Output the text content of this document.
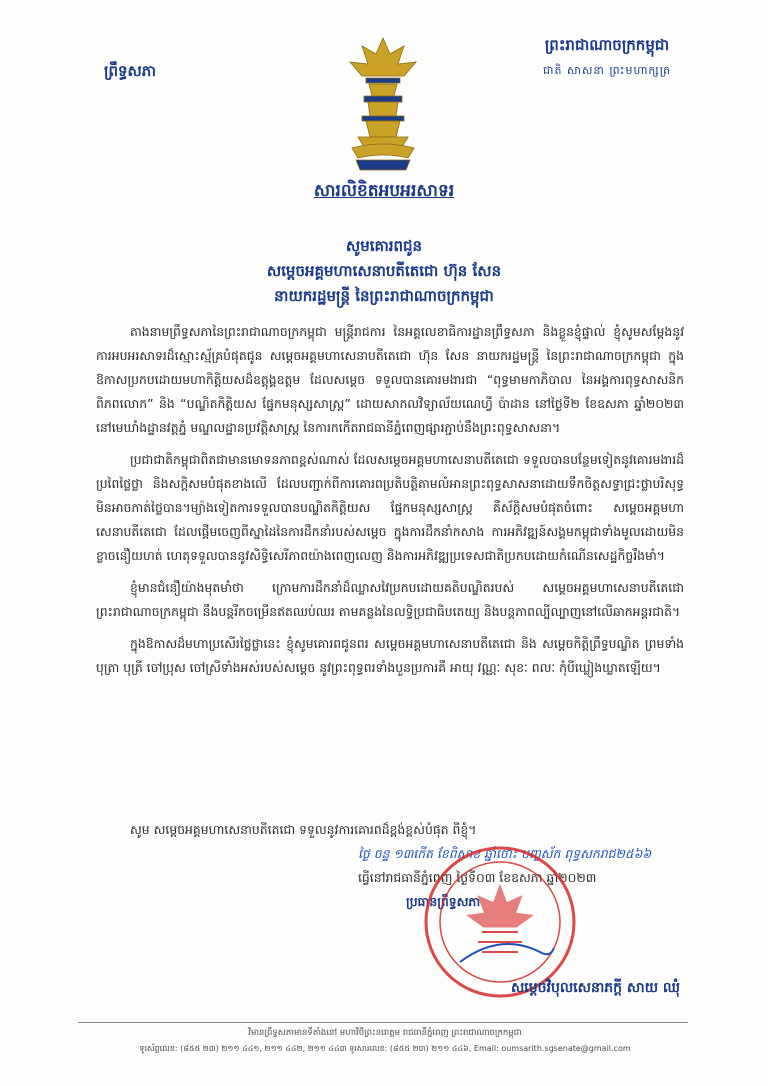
ព្រឹទ្ធសភា
ព្រះរាជាណាចក្រកម្ពុជា
ជាតិ សាសនា ព្រះមហាក្សត្រ
សារលិខិតអបអរសាទរ
សូមគោរពជូន
សម្តេចអគ្គមហាសេនាបតីតេជោ ហ៊ុន សែន
នាយករដ្ឋមន្ត្រី នៃព្រះរាជាណាចក្រកម្ពុជា

តាងនាមព្រឹទ្ធសភានៃព្រះរាជាណាចក្រកម្ពុជា មន្ត្រីរាជការ នៃអគ្គលេខាធិការដ្ឋានព្រឹទ្ធសភា និងខ្លួនខ្ញុំផ្ទាល់ ខ្ញុំសូមសម្តែងនូវការអបអរសាទរដ៏ស្មោះស្ម័គ្របំផុតជូន សម្តេចអគ្គមហាសេនាបតីតេជោ ហ៊ុន សែន នាយករដ្ឋមន្ត្រី នៃព្រះរាជាណាចក្រកម្ពុជា ក្នុងឱកាសប្រកបដោយមហាកិត្តិយសដ៏ឧត្តុង្គឧត្តម ដែលសម្តេច ទទួលបានគោរមងារជា “ពុទ្ធមាមកាភិបាល នៃអង្គការពុទ្ធសាសនិកពិភពលោក” និង “បណ្ឌិតកិត្តិយស ផ្នែកមនុស្សសាស្ត្រ” ដោយសាកលវិទ្យាល័យណេហ្វី ប៉ាដាន នៅថ្ងៃទី២ ខែឧសភា ឆ្នាំ២០២៣ នៅមេឃាំងដ្ឋានវត្តភ្នំ មណ្ឌលដ្ឋានប្រវត្តិសាស្ត្រ នៃការកកើតរាជធានីភ្នំពេញផ្សារភ្ជាប់នឹងព្រះពុទ្ធសាសនា។

ប្រជាជាតិកម្ពុជាពិតជាមានមោទនភាពខ្ពស់ណាស់ ដែលសម្តេចអគ្គមហាសេនាបតីតេជោ ទទួលបានបន្ថែមទៀតនូវគោរមងារដ៏ប្រពៃថ្លៃថ្លា និងសក្តិសមបំផុតខាងលើ ដែលបញ្ជាក់ពីការគោរពប្រតិបត្តិតាមលំអានព្រះពុទ្ធសាសនាដោយទឹកចិត្តសទ្ធាជ្រះថ្លាបរិសុទ្ធមិនអាចកាត់ថ្លៃបាន។ម្យ៉ាងទៀតការទទួលបានបណ្ឌិតកិត្តិយស ផ្នែកមនុស្សសាស្ត្រ គឺស័ក្តិសមបំផុតចំពោះ សម្តេចអគ្គមហាសេនាបតីតេជោ ដែលផ្តើមចេញពីស្នាដៃនៃការដឹកនាំរបស់សម្តេច ក្នុងការដឹកនាំកសាង ការអភិវឌ្ឍន៍សង្គមកម្ពុជាទាំងមូលដោយមិនខ្លាចនឿយហត់ ហេតុទទួលបាននូវសិទ្ធិសេរីភាពយ៉ាងពេញលេញ និងការអភិវឌ្ឍប្រទេសជាតិប្រកបដោយកំណើនសេដ្ឋកិច្ចរឹងមាំ។

ខ្ញុំមានជំនឿយ៉ាងមុតមាំថា ក្រោមការដឹកនាំដ៏ឈ្លាសវៃប្រកបដោយគតិបណ្ឌិតរបស់ សម្តេចអគ្គមហាសេនាបតីតេជោ ព្រះរាជាណាចក្រកម្ពុជា នឹងបន្តរីកចម្រើនឥតឈប់ឈរ តាមគន្លងនៃលទ្ធិប្រជាធិបតេយ្យ និងបន្តភាពល្បីល្បាញនៅលើឆាកអន្តរជាតិ។

ក្នុងឱកាសដ៏មហាប្រសើរថ្លៃថ្លានេះ ខ្ញុំសូមគោរពជូនពរ សម្តេចអគ្គមហាសេនាបតីតេជោ និង សម្តេចកិត្តិព្រឹទ្ធបណ្ឌិត ព្រមទាំងបុត្រា បុត្រី ចៅប្រុស ចៅស្រីទាំងអស់របស់សម្តេច នូវព្រះពុទ្ធពរទាំងបួនប្រការគឺ អាយុ វណ្ណៈ សុខៈ ពលៈ កុំបីឃ្លៀងឃ្លាតឡើយ។

សូម សម្តេចអគ្គមហាសេនាបតីតេជោ ទទួលនូវការគោរពដ៏ខ្ពង់ខ្ពស់បំផុត ពីខ្ញុំ។
ថ្ងៃ ចន្ទ ១៣កើត ខែពិសាខ ឆ្នាំថោះ បញ្ចស័ក ពុទ្ធសករាជ២៥៦៦
ធ្វើនៅរាជធានីភ្នំពេញ ថ្ងៃទី០៣ ខែឧសភា ឆ្នាំ២០២៣
ប្រធានព្រឹទ្ធសភា
សម្តេចវិបុលសេនាភក្តី សាយ ឈុំ
វិមានព្រឹទ្ធសភាមានទីតាំងនៅ មហាវិថីព្រះនរោត្តម រាជធានីភ្នំពេញ ព្រះរាជាណាចក្រកម្ពុជា
ទូរស័ព្ទលេខ: (៨៥៥ ២៣) ២១១ ៤៤១, ២១១ ៤៤២, ២១១ ៤៤៣ ទូរសារលេខ: (៨៥៥ ២៣) ២១១ ៤៤៦, Email: oumsarith.sgsenate@gmail.com
